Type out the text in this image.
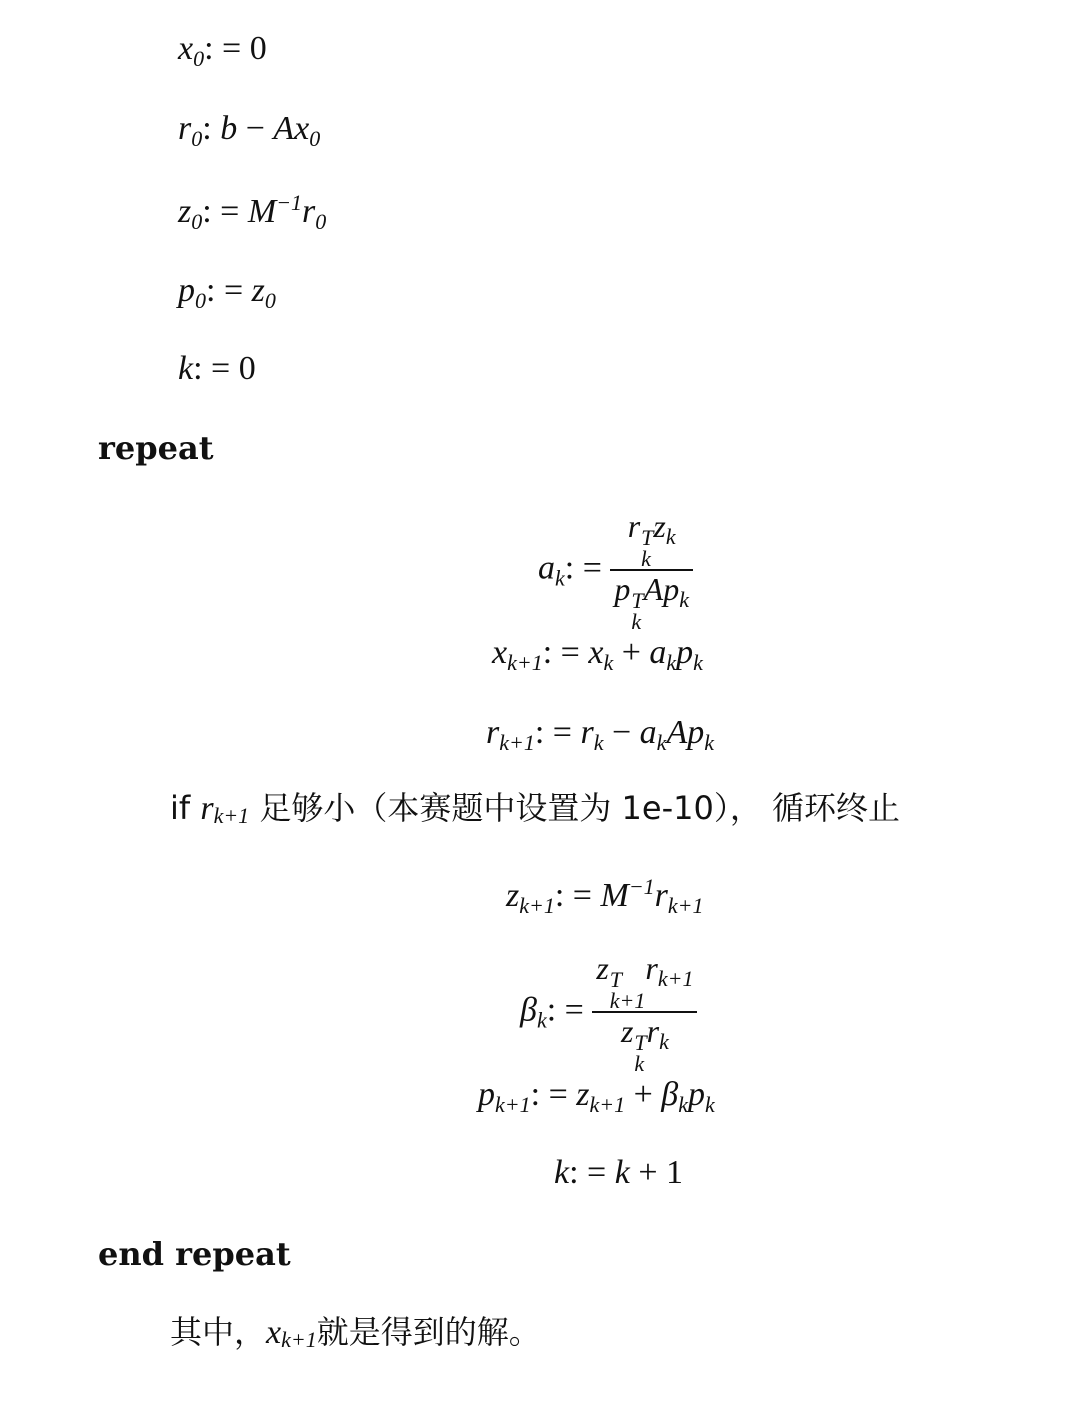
$x_0$: = 0
$r_0$: $b - Ax_0$
$z_0$: = $M^{-1}r_0$
$p_0$: = $z_0$
k: = 0
repeat
$a_k$: = r T
k
$z_k$
p T
k
$Ap_k$
$x_{k+1}$: = $x_k + a_kp_k$
$r_{k+1}$: = $r_k - a_kAp_k$
if $r_{k+1}$ 足够小（本赛题中设置为 1e-10）， 循环终止
$z_{k+1}$: = $M^{-1}r_{k+1}$
$\beta_k$: = z T
k+1
$r_{k+1}$
z T
k
$r_k$
$p_{k+1}$: = $z_{k+1} + \beta_kp_k$
k: = k + 1
end repeat
其中，$x_{k+1}$就是得到的解。
